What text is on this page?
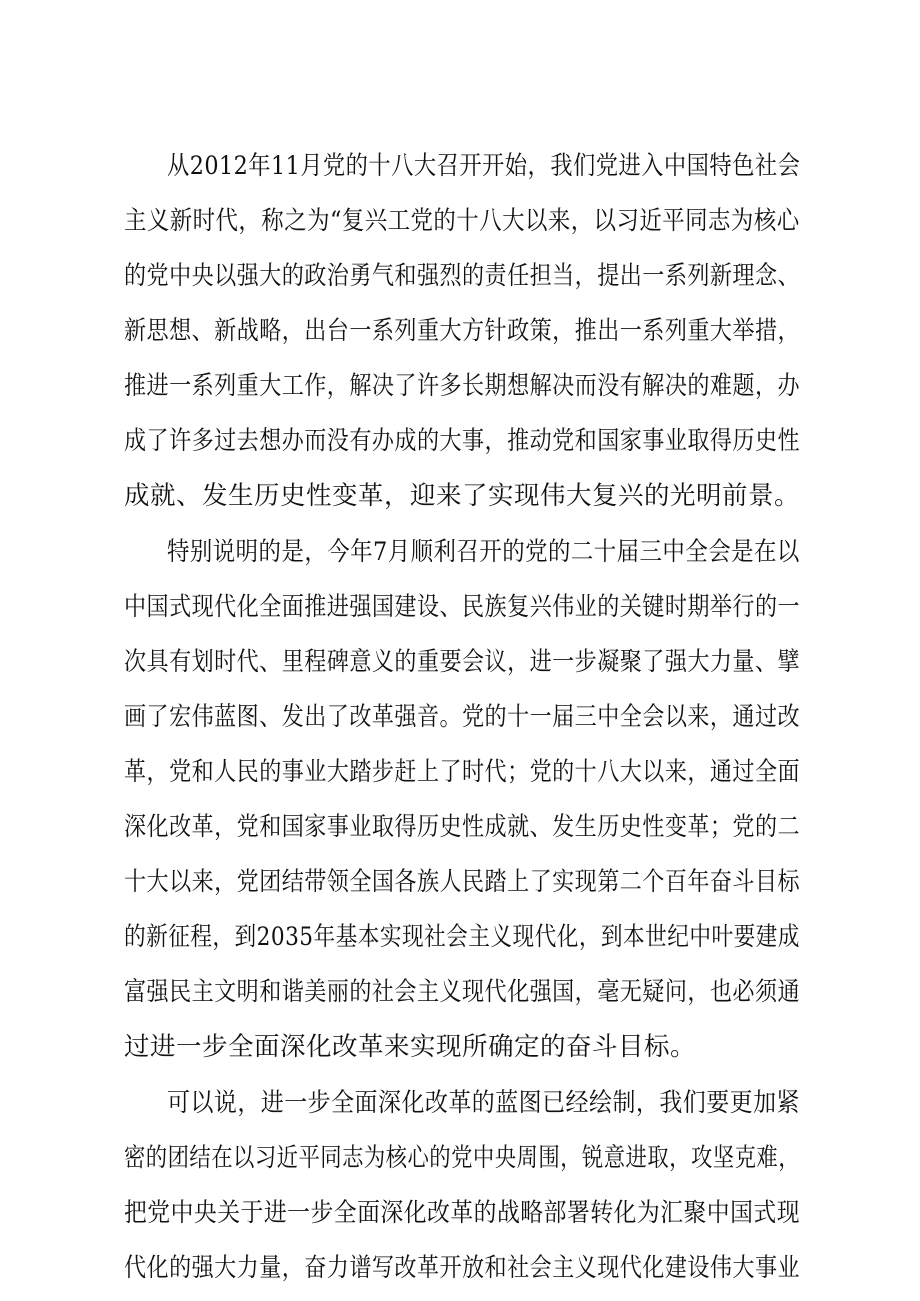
从2012年11月党的十八大召开开始，我们党进入中国特色社会
主义新时代，称之为“复兴工党的十八大以来，以习近平同志为核心
的党中央以强大的政治勇气和强烈的责任担当，提出一系列新理念、
新思想、新战略，出台一系列重大方针政策，推出一系列重大举措，
推进一系列重大工作，解决了许多长期想解决而没有解决的难题，办
成了许多过去想办而没有办成的大事，推动党和国家事业取得历史性
成就、发生历史性变革，迎来了实现伟大复兴的光明前景。
特别说明的是，今年7月顺利召开的党的二十届三中全会是在以
中国式现代化全面推进强国建设、民族复兴伟业的关键时期举行的一
次具有划时代、里程碑意义的重要会议，进一步凝聚了强大力量、擘
画了宏伟蓝图、发出了改革强音。党的十一届三中全会以来，通过改
革，党和人民的事业大踏步赶上了时代；党的十八大以来，通过全面
深化改革，党和国家事业取得历史性成就、发生历史性变革；党的二
十大以来，党团结带领全国各族人民踏上了实现第二个百年奋斗目标
的新征程，到2035年基本实现社会主义现代化，到本世纪中叶要建成
富强民主文明和谐美丽的社会主义现代化强国，毫无疑问，也必须通
过进一步全面深化改革来实现所确定的奋斗目标。
可以说，进一步全面深化改革的蓝图已经绘制，我们要更加紧
密的团结在以习近平同志为核心的党中央周围，锐意进取，攻坚克难，
把党中央关于进一步全面深化改革的战略部署转化为汇聚中国式现
代化的强大力量，奋力谱写改革开放和社会主义现代化建设伟大事业
